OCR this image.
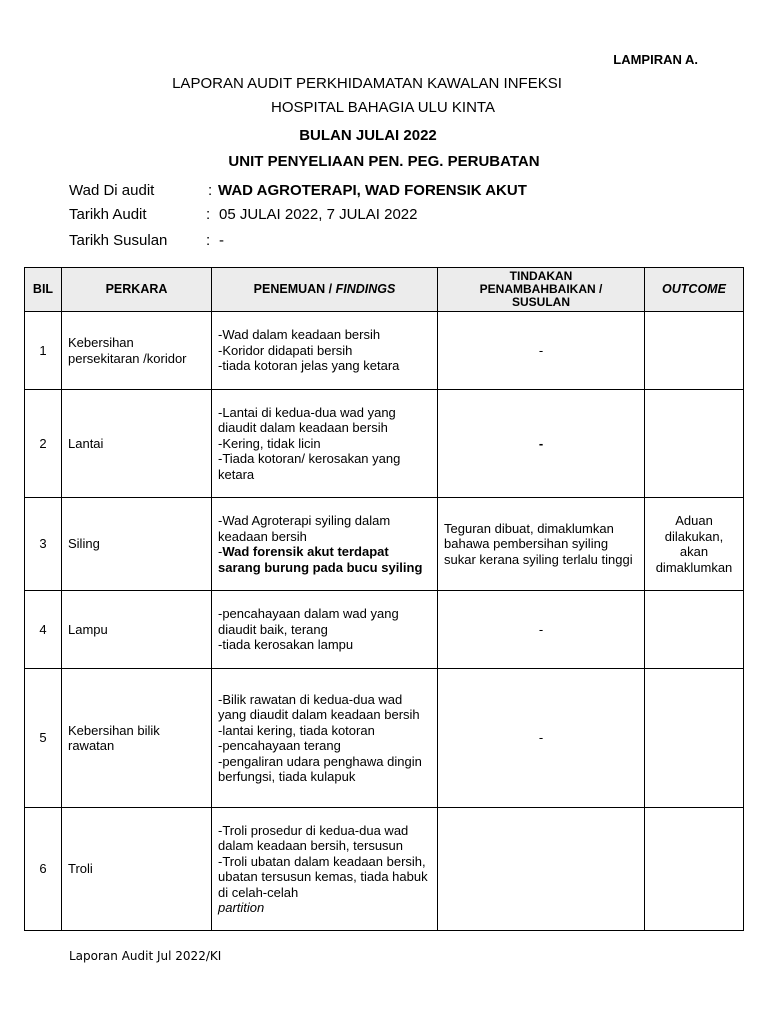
LAMPIRAN A.
LAPORAN AUDIT PERKHIDAMATAN KAWALAN INFEKSI
HOSPITAL BAHAGIA ULU KINTA
BULAN JULAI 2022
UNIT PENYELIAAN PEN. PEG. PERUBATAN
Wad Di audit	: WAD AGROTERAPI, WAD FORENSIK AKUT
Tarikh Audit	: 05 JULAI 2022, 7 JULAI 2022
Tarikh Susulan	: -
BIL	PERKARA	PENEMUAN / FINDINGS	TINDAKAN
PENAMBAHBAIKAN /
SUSULAN	OUTCOME
1	Kebersihan persekitaran /koridor	-Wad dalam keadaan bersih
-Koridor didapati bersih
-tiada kotoran jelas yang ketara	-	
2	Lantai	-Lantai di kedua-dua wad yang diaudit dalam keadaan bersih
-Kering, tidak licin
-Tiada kotoran/ kerosakan yang ketara	-	
3	Siling	-Wad Agroterapi syiling dalam keadaan bersih
-Wad forensik akut terdapat sarang burung pada bucu syiling	Teguran dibuat, dimaklumkan bahawa pembersihan syiling sukar kerana syiling terlalu tinggi	Aduan dilakukan, akan dimaklumkan
4	Lampu	-pencahayaan dalam wad yang diaudit baik, terang
-tiada kerosakan lampu	-	
5	Kebersihan bilik rawatan	-Bilik rawatan di kedua-dua wad yang diaudit dalam keadaan bersih
-lantai kering, tiada kotoran
-pencahayaan terang
-pengaliran udara penghawa dingin berfungsi, tiada kulapuk	-	
6	Troli	-Troli prosedur di kedua-dua wad dalam keadaan bersih, tersusun
-Troli ubatan dalam keadaan bersih, ubatan tersusun kemas, tiada habuk di celah-celah
partition		

Laporan Audit Jul 2022/KI
